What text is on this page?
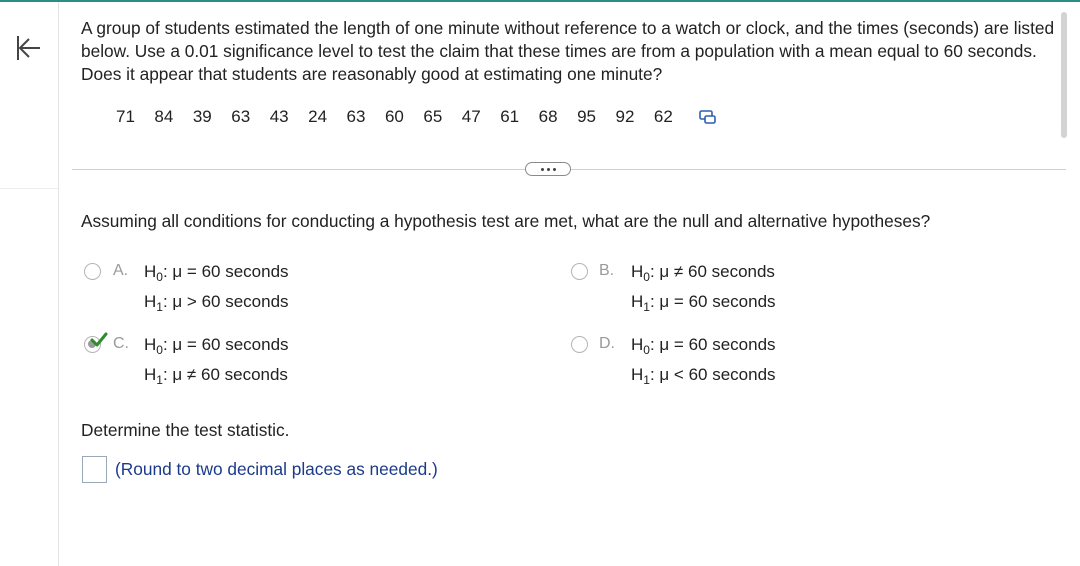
A group of students estimated the length of one minute without reference to a watch or clock, and the times (seconds) are listed below. Use a 0.01 significance level to test the claim that these times are from a population with a mean equal to 60 seconds. Does it appear that students are reasonably good at estimating one minute?
71 84 39 63 43 24 63 60 65 47 61 68 95 92 62
Assuming all conditions for conducting a hypothesis test are met, what are the null and alternative hypotheses?
A. $H_0$: μ = 60 seconds
$H_1$: μ > 60 seconds
B. $H_0$: μ ≠ 60 seconds
$H_1$: μ = 60 seconds
C. $H_0$: μ = 60 seconds
$H_1$: μ ≠ 60 seconds
D. $H_0$: μ = 60 seconds
$H_1$: μ < 60 seconds
Determine the test statistic.
(Round to two decimal places as needed.)
